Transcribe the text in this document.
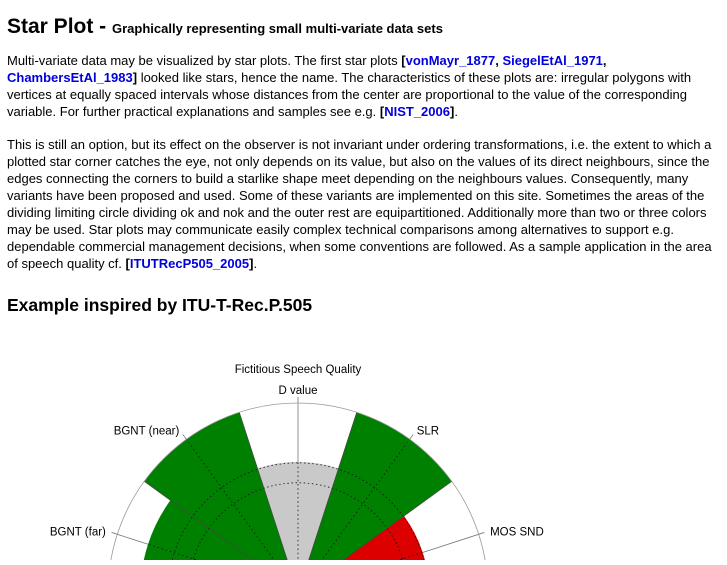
Star Plot - Graphically representing small multi-variate data sets

Multi-variate data may be visualized by star plots. The first star plots [vonMayr_1877, SiegelEtAl_1971, ChambersEtAl_1983] looked like stars, hence the name. The characteristics of these plots are: irregular polygons with vertices at equally spaced intervals whose distances from the center are proportional to the value of the corresponding variable. For further practical explanations and samples see e.g. [NIST_2006].

This is still an option, but its effect on the observer is not invariant under ordering transformations, i.e. the extent to which a plotted star corner catches the eye, not only depends on its value, but also on the values of its direct neighbours, since the edges connecting the corners to build a starlike shape meet depending on the neighbours values. Consequently, many variants have been proposed and used. Some of these variants are implemented on this site. Sometimes the areas of the dividing limiting circle dividing ok and nok and the outer rest are equipartitioned. Additionally more than two or three colors may be used. Star plots may communicate easily complex technical comparisons among alternatives to support e.g. dependable commercial management decisions, when some conventions are followed. As a sample application in the area of speech quality cf. [ITUTRecP505_2005].

Example inspired by ITU-T-Rec.P.505
Fictitious Speech Quality
MOS SND
SLR
D value
BGNT (near)
BGNT (far)
